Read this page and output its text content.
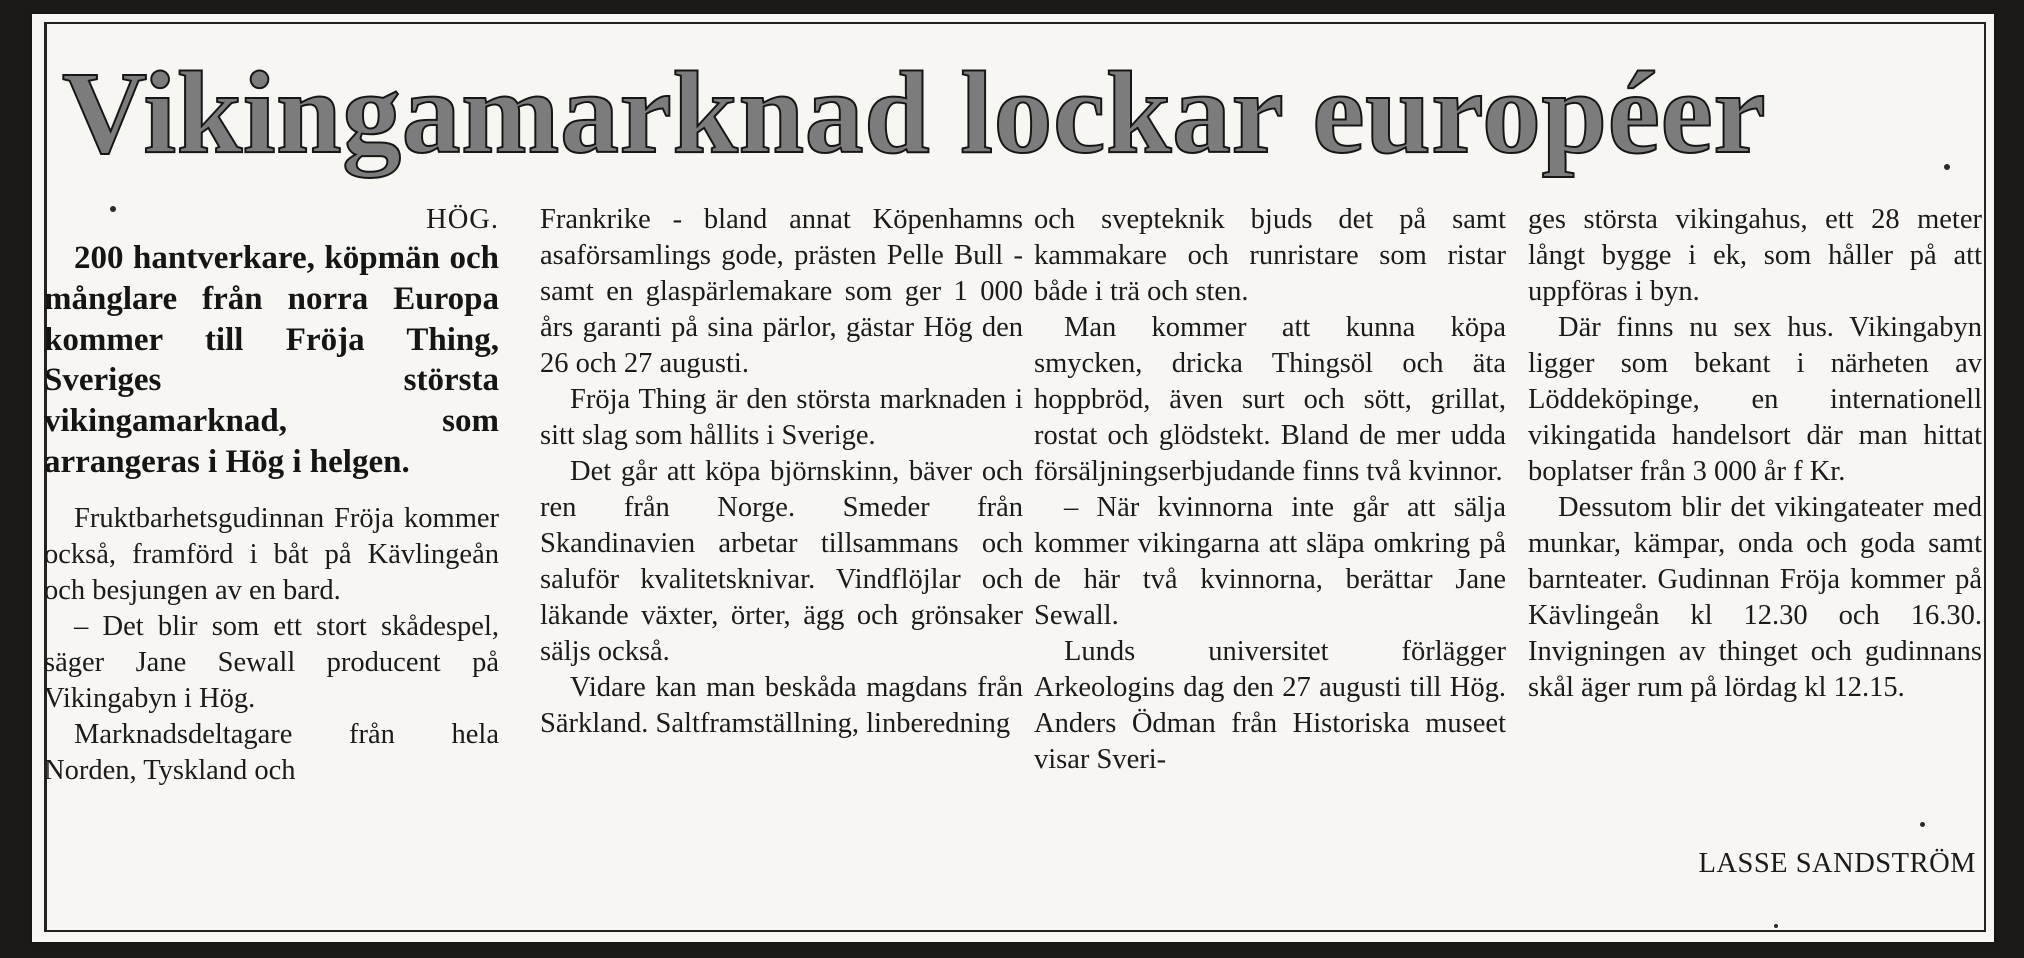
Vikingamarknad lockar européer

HÖG.

200 hantverkare, köpmän och månglare från norra Europa kommer till Fröja Thing, Sveriges största vikingamarknad, som arrangeras i Hög i helgen.

Fruktbarhetsgudinnan Fröja kommer också, framförd i båt på Kävlingeån och besjungen av en bard.

– Det blir som ett stort skådespel, säger Jane Sewall producent på Vikingabyn i Hög.

Marknadsdeltagare från hela Norden, Tyskland och

Frankrike - bland annat Köpenhamns asaförsamlings gode, prästen Pelle Bull - samt en glaspärlemakare som ger 1 000 års garanti på sina pärlor, gästar Hög den 26 och 27 augusti.

Fröja Thing är den största marknaden i sitt slag som hållits i Sverige.

Det går att köpa björnskinn, bäver och ren från Norge. Smeder från Skandinavien arbetar tillsammans och saluför kvalitetsknivar. Vindflöjlar och läkande växter, örter, ägg och grönsaker säljs också.

Vidare kan man beskåda magdans från Särkland. Saltframställning, linberedning

och svepteknik bjuds det på samt kammakare och runristare som ristar både i trä och sten.

Man kommer att kunna köpa smycken, dricka Thingsöl och äta hoppbröd, även surt och sött, grillat, rostat och glödstekt. Bland de mer udda försäljningserbjudande finns två kvinnor.

– När kvinnorna inte går att sälja kommer vikingarna att släpa omkring på de här två kvinnorna, berättar Jane Sewall.

Lunds universitet förlägger Arkeologins dag den 27 augusti till Hög. Anders Ödman från Historiska museet visar Sveri-

ges största vikingahus, ett 28 meter långt bygge i ek, som håller på att uppföras i byn.

Där finns nu sex hus. Vikingabyn ligger som bekant i närheten av Löddeköpinge, en internationell vikingatida handelsort där man hittat boplatser från 3 000 år f Kr.

Dessutom blir det vikingateater med munkar, kämpar, onda och goda samt barnteater. Gudinnan Fröja kommer på Kävlingeån kl 12.30 och 16.30. Invigningen av thinget och gudinnans skål äger rum på lördag kl 12.15.

LASSE SANDSTRÖM
